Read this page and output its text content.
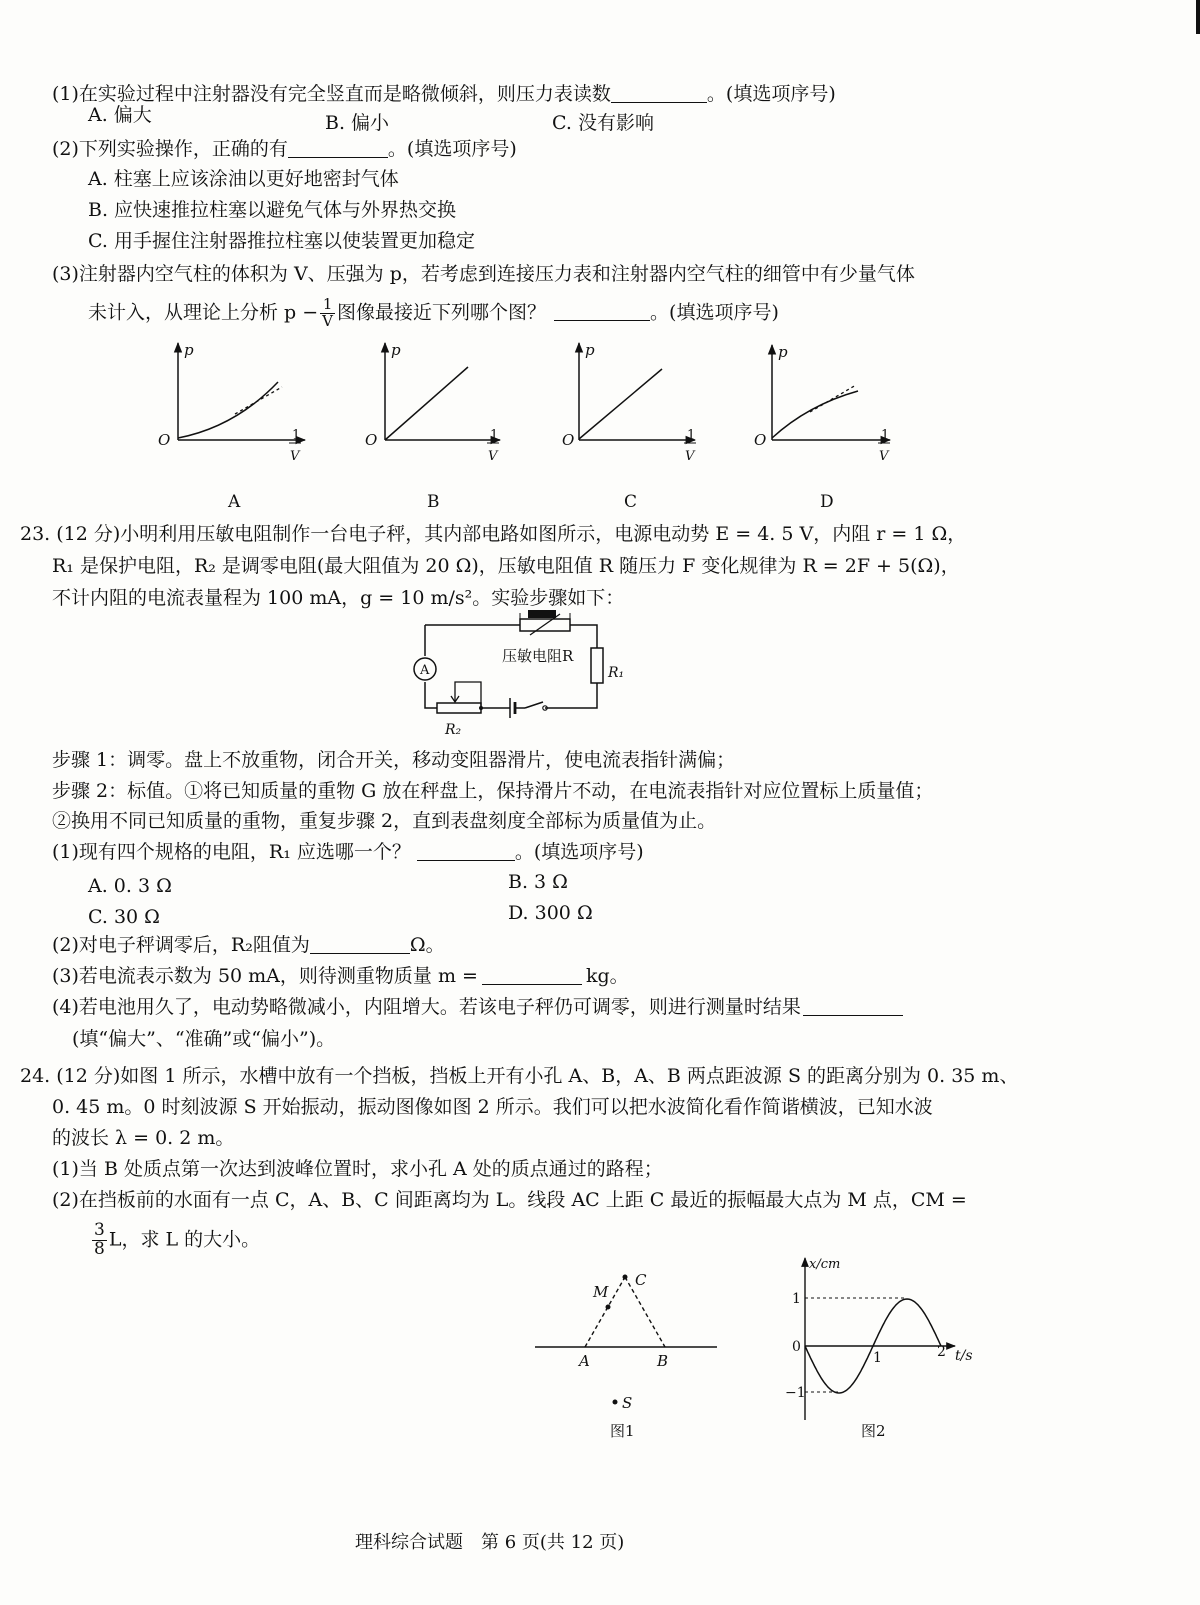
(1)在实验过程中注射器没有完全竖直而是略微倾斜，则压力表读数	。(填选项序号)
A. 偏大	B. 偏小	C. 没有影响
(2)下列实验操作，正确的有	。(填选项序号)
A. 柱塞上应该涂油以更好地密封气体
B. 应快速推拉柱塞以避免气体与外界热交换
C. 用手握住注射器推拉柱塞以使装置更加稳定
(3)注射器内空气柱的体积为 V、压强为 p，若考虑到连接压力表和注射器内空气柱的细管中有少量气体
未计入，从理论上分析 $p - \frac{1}{V}$ 图像最接近下列哪个图？	。(填选项序号)
p
O	1
V
A
p
O	1
V
B
p
O	1
V
C
p
O	1
V
D
23. (12 分)小明利用压敏电阻制作一台电子秤，其内部电路如图所示，电源电动势 E = 4. 5 V，内阻 r = 1 Ω，
R₁ 是保护电阻，R₂ 是调零电阻(最大阻值为 20 Ω)，压敏电阻值 R 随压力 F 变化规律为 R = 2F + 5(Ω)，
不计内阻的电流表量程为 100 mA，g = 10 m/s²。实验步骤如下：
压敏电阻R
R₁
A
R₂
步骤 1：调零。盘上不放重物，闭合开关，移动变阻器滑片，使电流表指针满偏；
步骤 2：标值。①将已知质量的重物 G 放在秤盘上，保持滑片不动，在电流表指针对应位置标上质量值；
②换用不同已知质量的重物，重复步骤 2，直到表盘刻度全部标为质量值为止。
(1)现有四个规格的电阻，R₁ 应选哪一个？	。(填选项序号)
A. 0. 3 Ω	B. 3 Ω
C. 30 Ω	D. 300 Ω
(2)对电子秤调零后，R₂阻值为	Ω。
(3)若电流表示数为 50 mA，则待测重物质量 m =	kg。
(4)若电池用久了，电动势略微减小，内阻增大。若该电子秤仍可调零，则进行测量时结果
(填“偏大”、“准确”或“偏小”)。
24. (12 分)如图 1 所示，水槽中放有一个挡板，挡板上开有小孔 A、B，A、B 两点距波源 S 的距离分别为 0. 35 m、
0. 45 m。0 时刻波源 S 开始振动，振动图像如图 2 所示。我们可以把水波简化看作简谐横波，已知水波
的波长 λ = 0. 2 m。
(1)当 B 处质点第一次达到波峰位置时，求小孔 A 处的质点通过的路程；
(2)在挡板前的水面有一点 C，A、B、C 间距离均为 L。线段 AC 上距 C 最近的振幅最大点为 M 点，CM =
$\frac{3}{8}$ L，求 L 的大小。
M
C
A	B
S
图1
x/cm
t/s
1
0
−1
1	2
图2
理科综合试题　第 6 页(共 12 页)
